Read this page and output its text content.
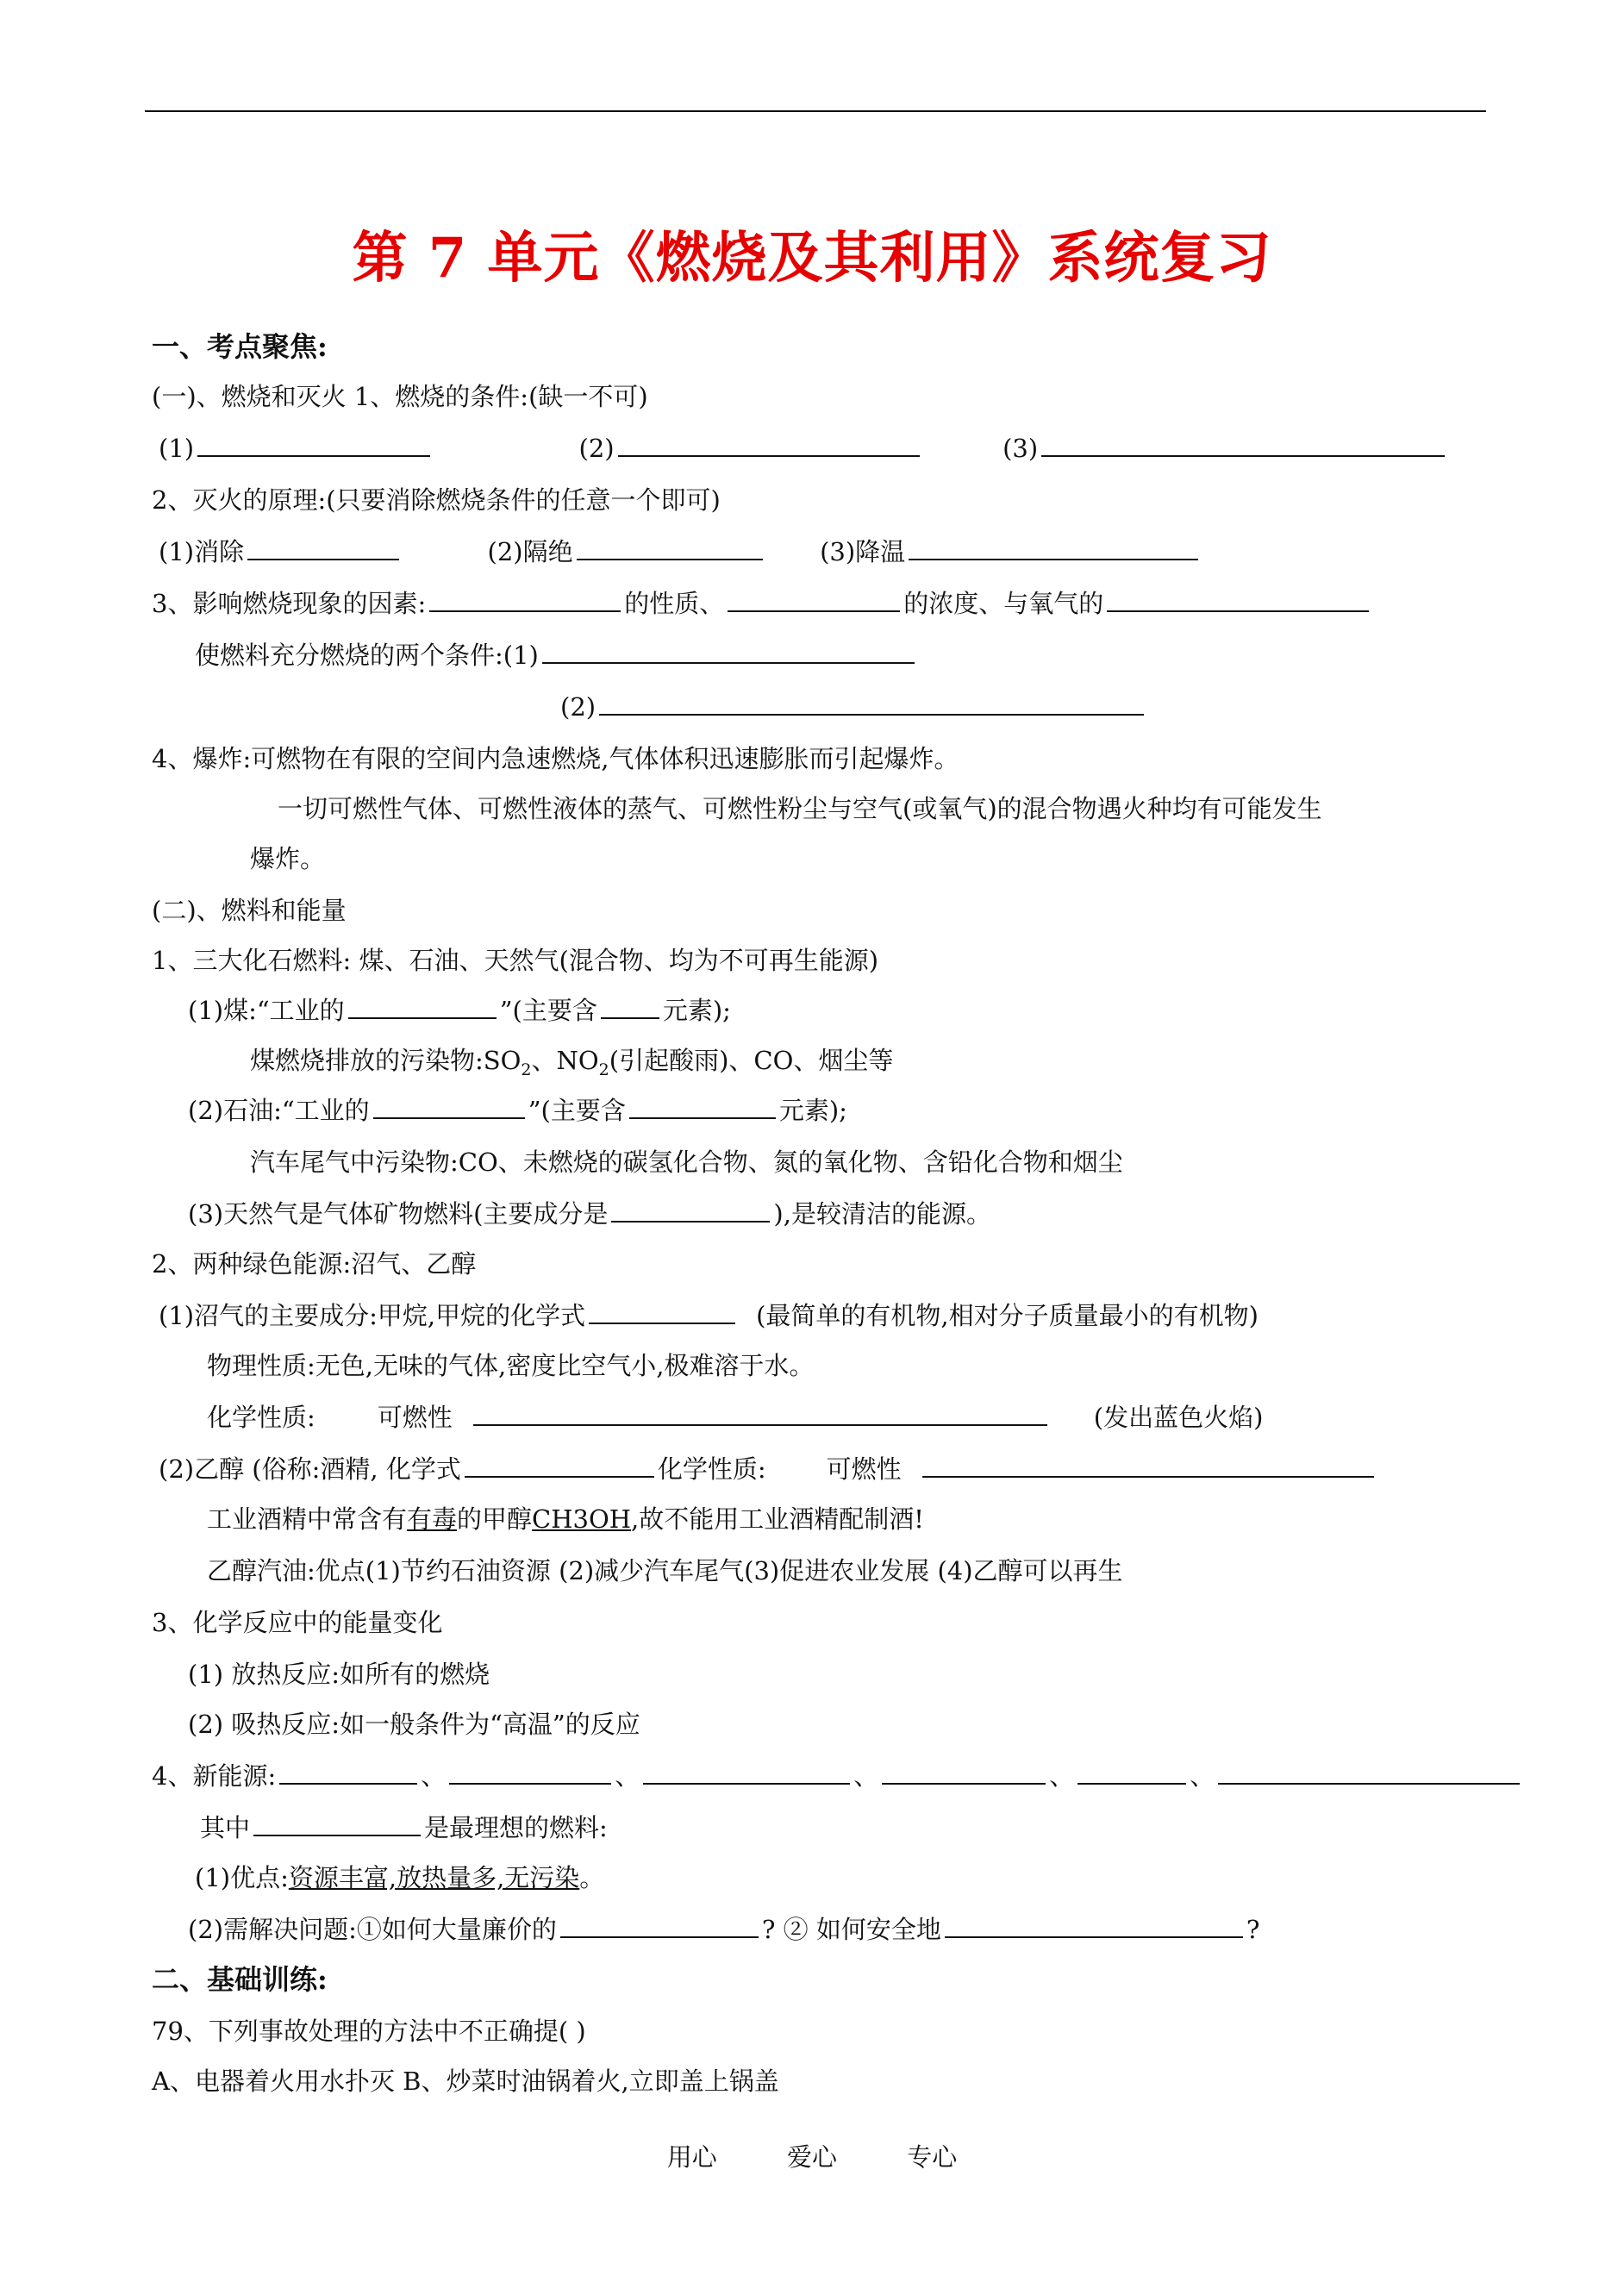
第 7 单元《燃烧及其利用》系统复习
一、考点聚焦:
(一)、燃烧和灭火 1、燃烧的条件:(缺一不可)
(1)	(2)	(3)
2、灭火的原理:(只要消除燃烧条件的任意一个即可)
(1)消除	(2)隔绝	(3)降温
3、影响燃烧现象的因素:	的性质、	的浓度、与氧气的
使燃料充分燃烧的两个条件:(1)
(2)
4、爆炸:可燃物在有限的空间内急速燃烧,气体体积迅速膨胀而引起爆炸。
一切可燃性气体、可燃性液体的蒸气、可燃性粉尘与空气(或氧气)的混合物遇火种均有可能发生
爆炸。
(二)、燃料和能量
1、三大化石燃料: 煤、石油、天然气(混合物、均为不可再生能源)
(1)煤:“工业的	”(主要含	元素);
煤燃烧排放的污染物$:SO_2$、$NO_2$(引起酸雨)、CO、烟尘等
(2)石油:“工业的	”(主要含	元素);
汽车尾气中污染物:CO、未燃烧的碳氢化合物、氮的氧化物、含铅化合物和烟尘
(3)天然气是气体矿物燃料(主要成分是	),是较清洁的能源。
2、两种绿色能源:沼气、乙醇
(1)沼气的主要成分:甲烷,甲烷的化学式	(最简单的有机物,相对分子质量最小的有机物)
物理性质:无色,无味的气体,密度比空气小,极难溶于水。
化学性质: 可燃性	(发出蓝色火焰)
(2)乙醇 (俗称:酒精, 化学式	化学性质: 可燃性
工业酒精中常含有有毒的甲醇CH3OH,故不能用工业酒精配制酒!
乙醇汽油:优点(1)节约石油资源 (2)减少汽车尾气(3)促进农业发展 (4)乙醇可以再生
3、化学反应中的能量变化
(1) 放热反应:如所有的燃烧
(2) 吸热反应:如一般条件为“高温”的反应
4、新能源:	、	、	、	、	、
其中	是最理想的燃料:
(1)优点:资源丰富,放热量多,无污染。
(2)需解决问题:①如何大量廉价的	? ② 如何安全地	?
二、基础训练:
79、下列事故处理的方法中不正确提( )
A、电器着火用水扑灭 B、炒菜时油锅着火,立即盖上锅盖
用心	爱心	专心
